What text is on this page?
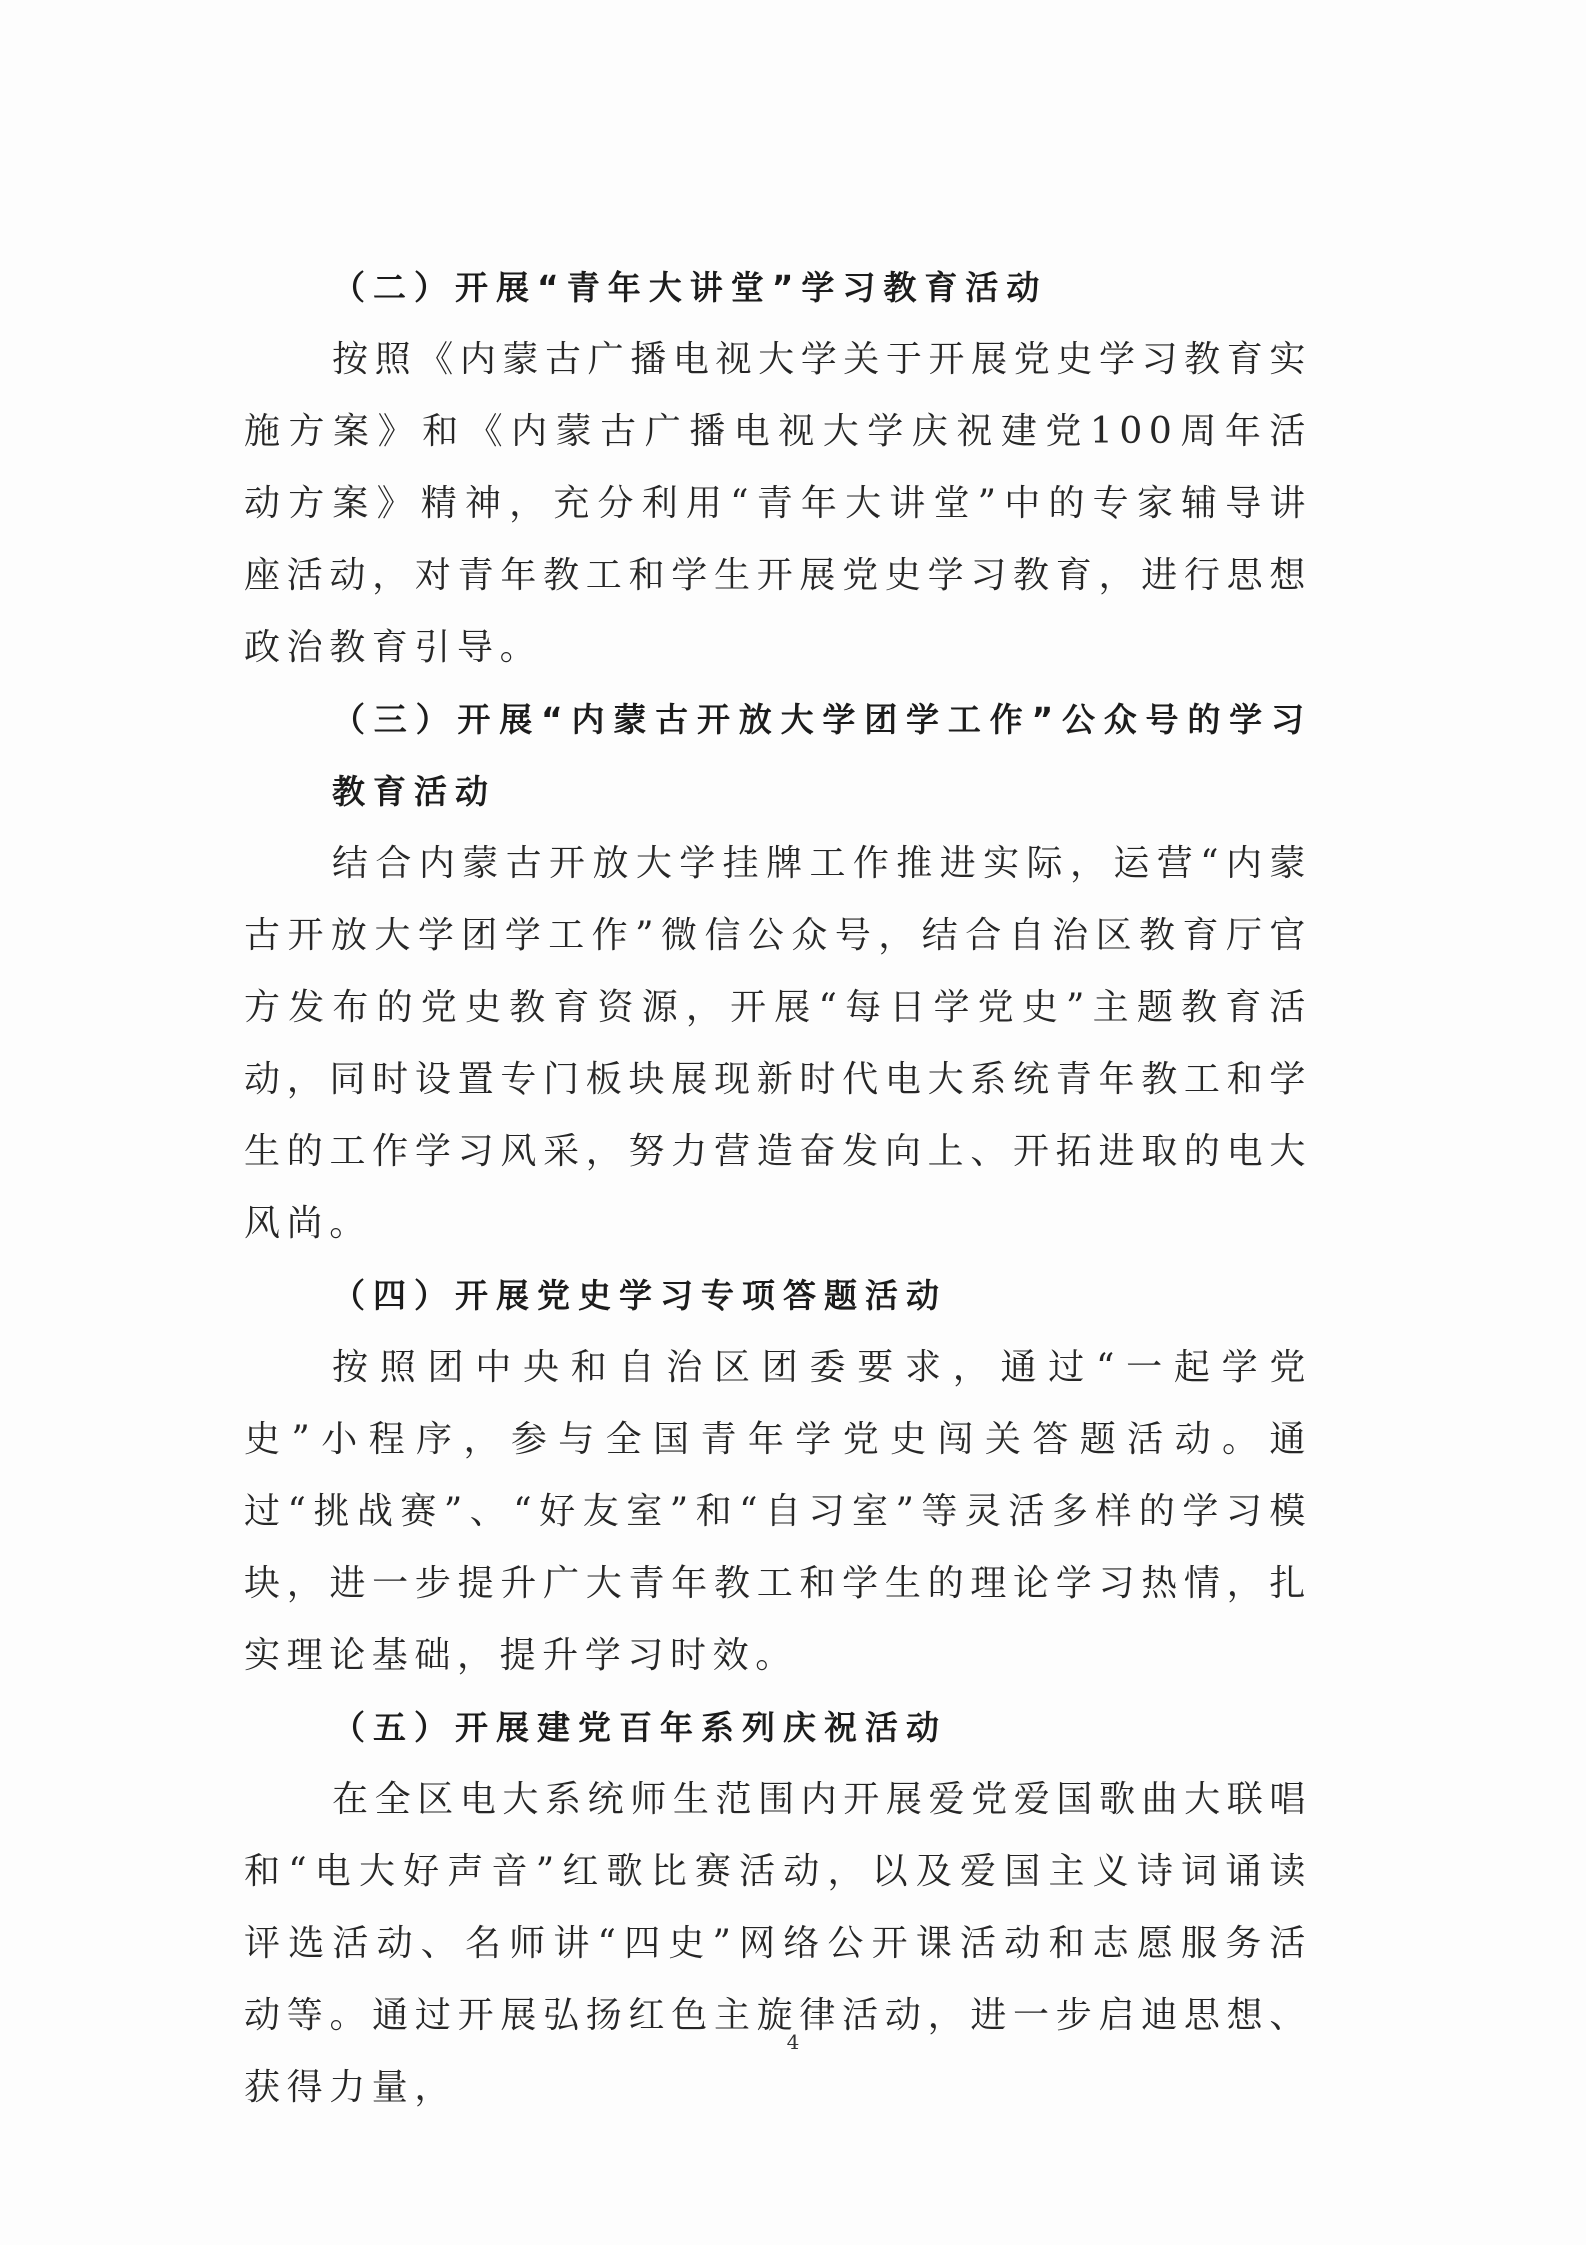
（二）开展“青年大讲堂”学习教育活动

按照《内蒙古广播电视大学关于开展党史学习教育实施方案》和《内蒙古广播电视大学庆祝建党100周年活动方案》精神，充分利用“青年大讲堂”中的专家辅导讲座活动，对青年教工和学生开展党史学习教育，进行思想政治教育引导。

（三）开展“内蒙古开放大学团学工作”公众号的学习教育活动

结合内蒙古开放大学挂牌工作推进实际，运营“内蒙古开放大学团学工作”微信公众号，结合自治区教育厅官方发布的党史教育资源，开展“每日学党史”主题教育活动，同时设置专门板块展现新时代电大系统青年教工和学生的工作学习风采，努力营造奋发向上、开拓进取的电大风尚。

（四）开展党史学习专项答题活动

按照团中央和自治区团委要求，通过“一起学党史”小程序，参与全国青年学党史闯关答题活动。通过“挑战赛”、“好友室”和“自习室”等灵活多样的学习模块，进一步提升广大青年教工和学生的理论学习热情，扎实理论基础，提升学习时效。

（五）开展建党百年系列庆祝活动

在全区电大系统师生范围内开展爱党爱国歌曲大联唱和“电大好声音”红歌比赛活动，以及爱国主义诗词诵读评选活动、名师讲“四史”网络公开课活动和志愿服务活动等。通过开展弘扬红色主旋律活动，进一步启迪思想、获得力量，

4
